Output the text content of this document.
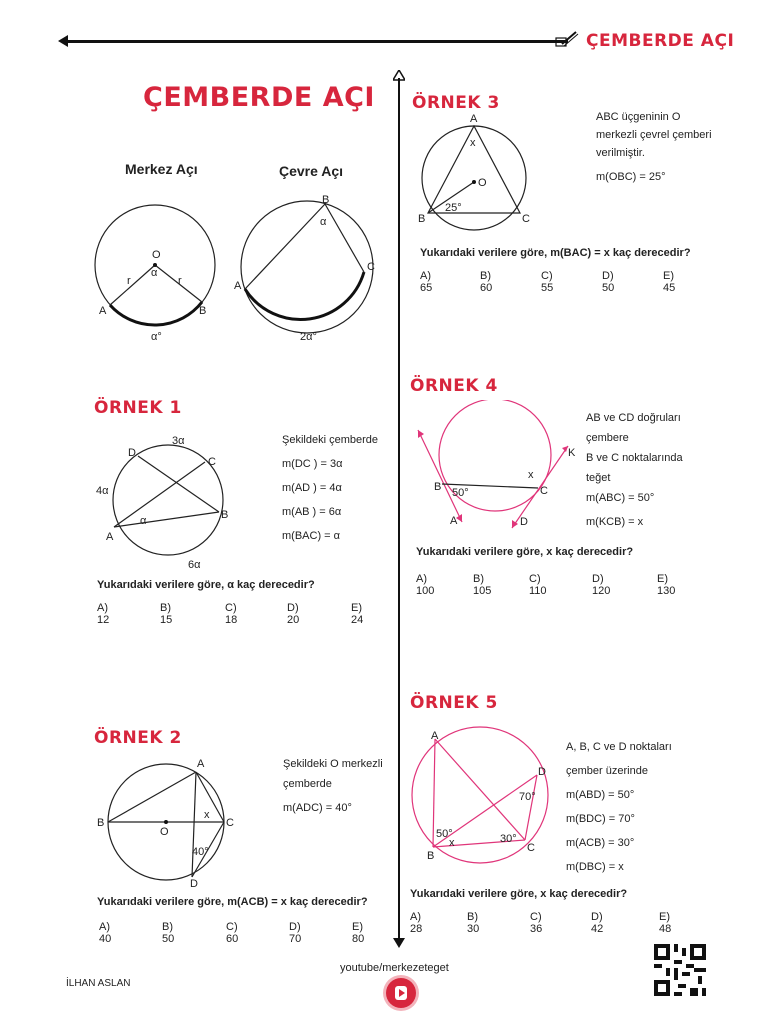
ÇEMBERDE AÇI
ÇEMBERDE AÇI
Merkez Açı	Çevre Açı
O
α
r	r
A	B
α°
B
α
A
C
2α°
ÖRNEK 1
3α
D
C
4α
B
A
α
6α
Şekildeki çemberde
m(DC ) = 3α
m(AD ) = 4α
m(AB ) = 6α
m(BAC) = α
Yukarıdaki verilere göre, α kaç derecedir?
A) 12
B) 15
C) 18
D) 20
E) 24
ÖRNEK 2
A
B	C
D
O
x
40°
Şekildeki O merkezli
çemberde
m(ADC) = 40°
Yukarıdaki verilere göre, m(ACB) = x kaç derecedir?
A) 40
B) 50
C) 60
D) 70
E) 80
ÖRNEK 3
A
x
O
B	C
25°
ABC üçgeninin O
merkezli çevrel çemberi
verilmiştir.
m(OBC) = 25°
Yukarıdaki verilere göre, m(BAC) = x kaç derecedir?
A) 65
B) 60
C) 55
D) 50
E) 45
ÖRNEK 4
B 50°	C
x
K
A	D
AB ve CD doğruları
çembere
B ve C noktalarında
teğet
m(ABC) = 50°
m(KCB) = x
Yukarıdaki verilere göre, x kaç derecedir?
A) 100
B) 105
C) 110
D) 120
E) 130
ÖRNEK 5
A
D
70°
50°
x	30°
B
C
A, B, C ve D noktaları
çember üzerinde
m(ABD) = 50°
m(BDC) = 70°
m(ACB) = 30°
m(DBC) = x
Yukarıdaki verilere göre, x kaç derecedir?
A) 28
B) 30
C) 36
D) 42
E) 48
İLHAN ASLAN
youtube/merkezeteget
